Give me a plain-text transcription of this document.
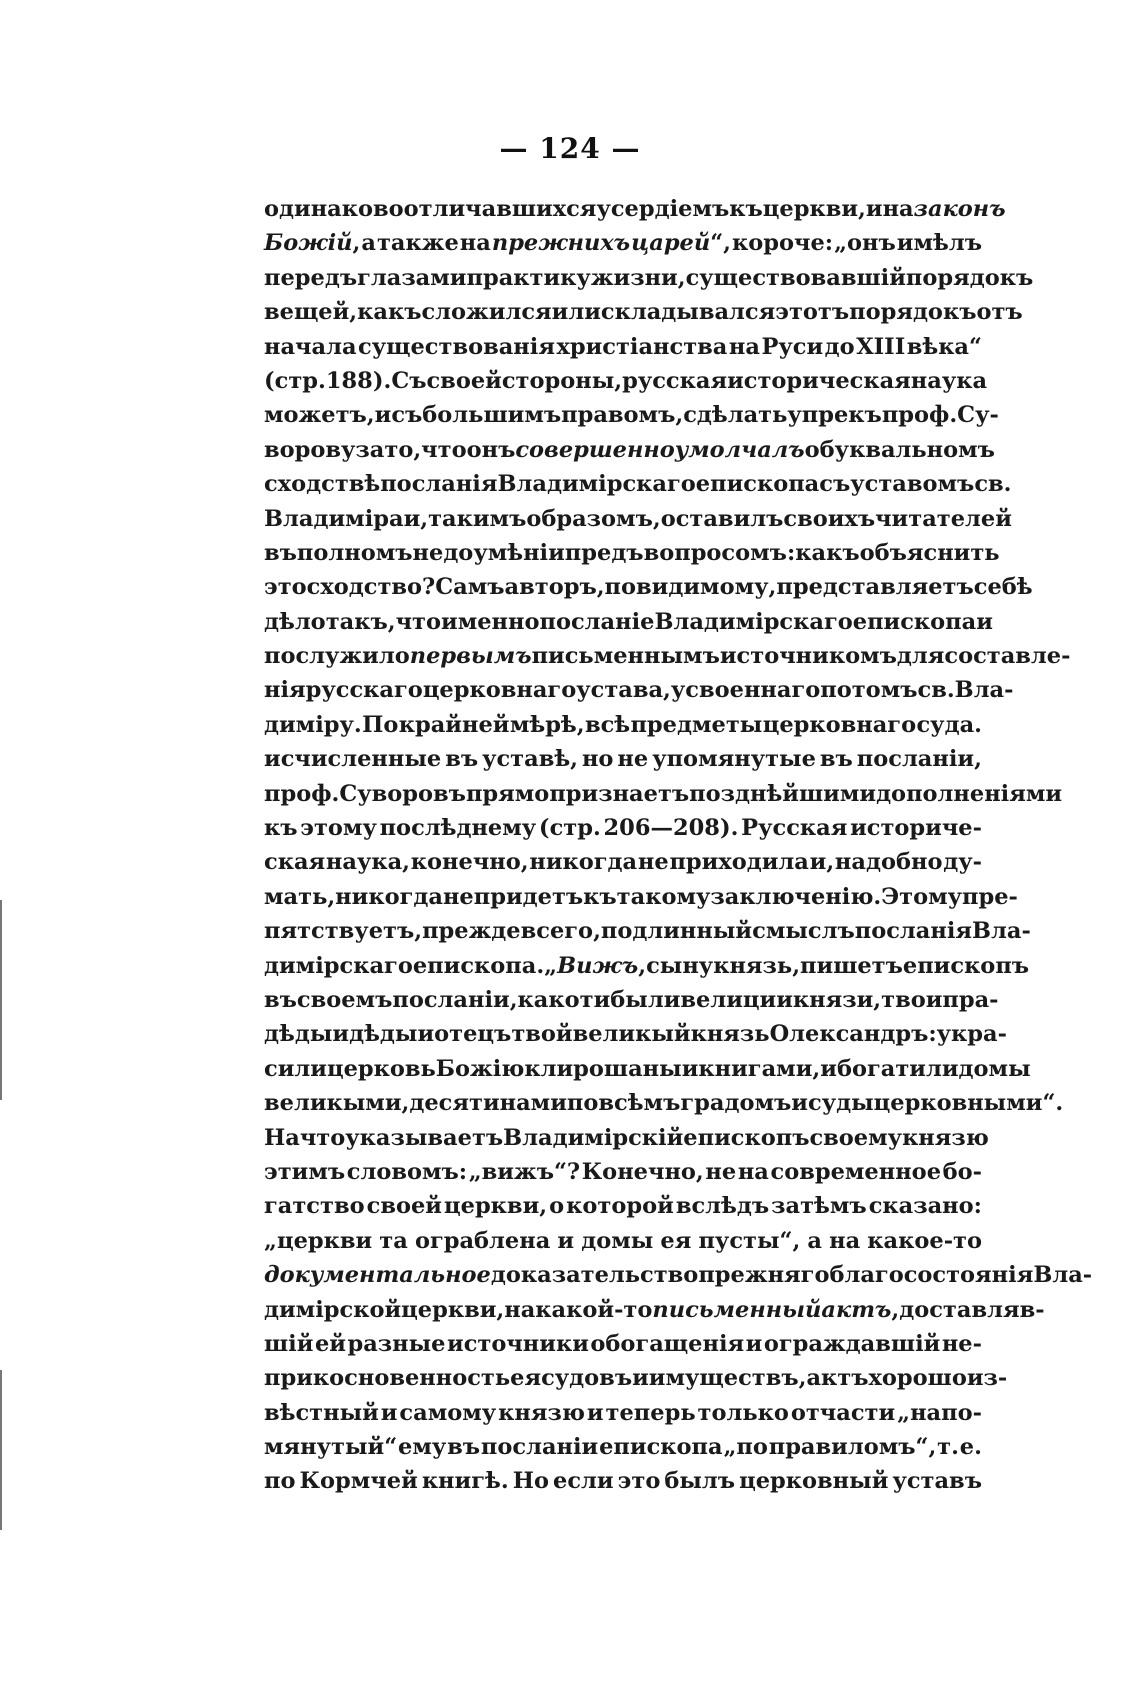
— 124 —
одинаково отличавшихся усердіемъ къ церкви, и на законъ
Божій, а также на прежнихъ царей“, короче: „онъ имѣлъ
передъ глазами практику жизни, существовавшій порядокъ
вещей, какъ сложился или складывался этотъ порядокъ отъ
начала существованія христіанства на Руси до XIII вѣка“
(стр. 188). Съ своей стороны, русская историческая наука
можетъ, и съ большимъ правомъ, сдѣлать упрекъ проф. Су-
ворову за то, что онъ совершенно умолчалъ о буквальномъ
сходствѣ посланія Владимірскаго епископа съ уставомъ св.
Владиміра и, такимъ образомъ, оставилъ своихъ читателей
въ полномъ недоумѣніи предъ вопросомъ: какъ объяснить
это сходство? Самъ авторъ, повидимому, представляетъ себѣ
дѣло такъ, что именно посланіе Владимірскаго епископа и
послужило первымъ письменнымъ источникомъ для составле-
нія русскаго церковнаго устава, усвоеннаго потомъ св. Вла-
диміру. По крайней мѣрѣ, всѣ предметы церковнаго суда.
исчисленные въ уставѣ, но не упомянутые въ посланіи,
проф. Суворовъ прямо признаетъ позднѣйшими дополненіями
къ этому послѣднему (стр. 206—208). Русская историче-
ская наука, конечно, никогда не приходила и, надобно ду-
мать, никогда не придетъ къ такому заключенію. Этому пре-
пятствуетъ, прежде всего, подлинный смыслъ посланія Вла-
димірскаго епископа. „Вижъ, сыну князь, пишетъ епископъ
въ своемъ посланіи, како ти были велиции князи, твои пра-
дѣды и дѣды и отецъ твой великый князь Олександръ: укра-
сили церковь Божію клирошаны и книгами, и богатили домы
великыми, десятинами по всѣмъ градомъ и суды церковными“.
На что указываетъ Владимірскій епископъ своему князю
этимъ словомъ: „вижъ“? Конечно, не на современное бо-
гатство своей церкви, о которой вслѣдъ затѣмъ сказано:
„церкви та ограблена и домы ея пусты“, а на какое-то
документальное доказательство прежняго благосостоянія Вла-
димірской церкви, на какой-то письменный актъ, доставляв-
шій ей разные источники обогащенія и ограждавшій не-
прикосновенность ея судовъ и имуществъ, актъ хорошо из-
вѣстный и самому князю и теперь только отчасти „напо-
мянутый“ ему въ посланіи епископа „по правиломъ“, т. е.
по Кормчей книгѣ. Но если это былъ церковный уставъ
